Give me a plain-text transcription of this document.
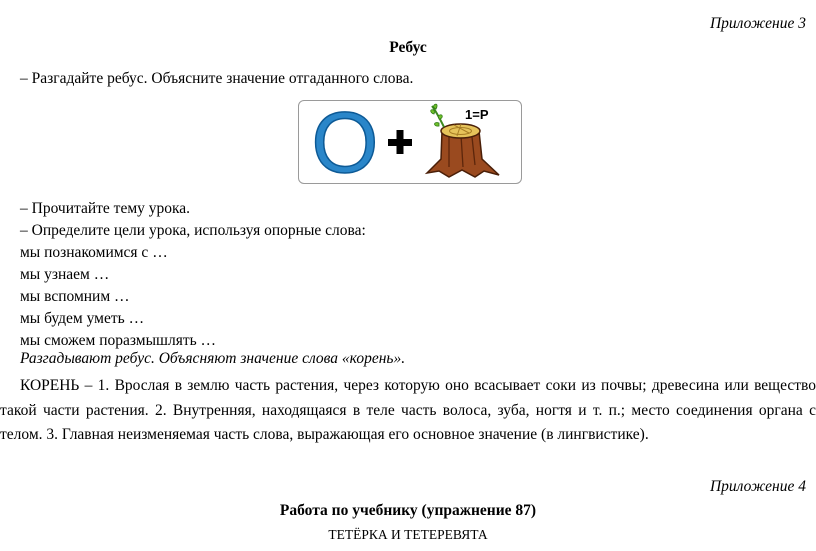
Приложение 3
Ребус
– Разгадайте ребус. Объясните значение отгаданного слова.
О	1=Р
– Прочитайте тему урока.
– Определите цели урока, используя опорные слова:
мы познакомимся с …
мы узнаем …
мы вспомним …
мы будем уметь …
мы сможем поразмышлять …
Разгадывают ребус. Объясняют значение слова «корень».
КОРЕНЬ – 1. Врослая в землю часть растения, через которую оно всасывает соки из почвы; древесина или вещество такой части растения. 2. Внутренняя, находящаяся в теле часть волоса, зуба, ногтя и т. п.; место соединения органа с телом. 3. Главная неизменяемая часть слова, выражающая его основное значение (в лингвистике).
Приложение 4
Работа по учебнику (упражнение 87)
ТЕТЁРКА И ТЕТЕРЕВЯТА
